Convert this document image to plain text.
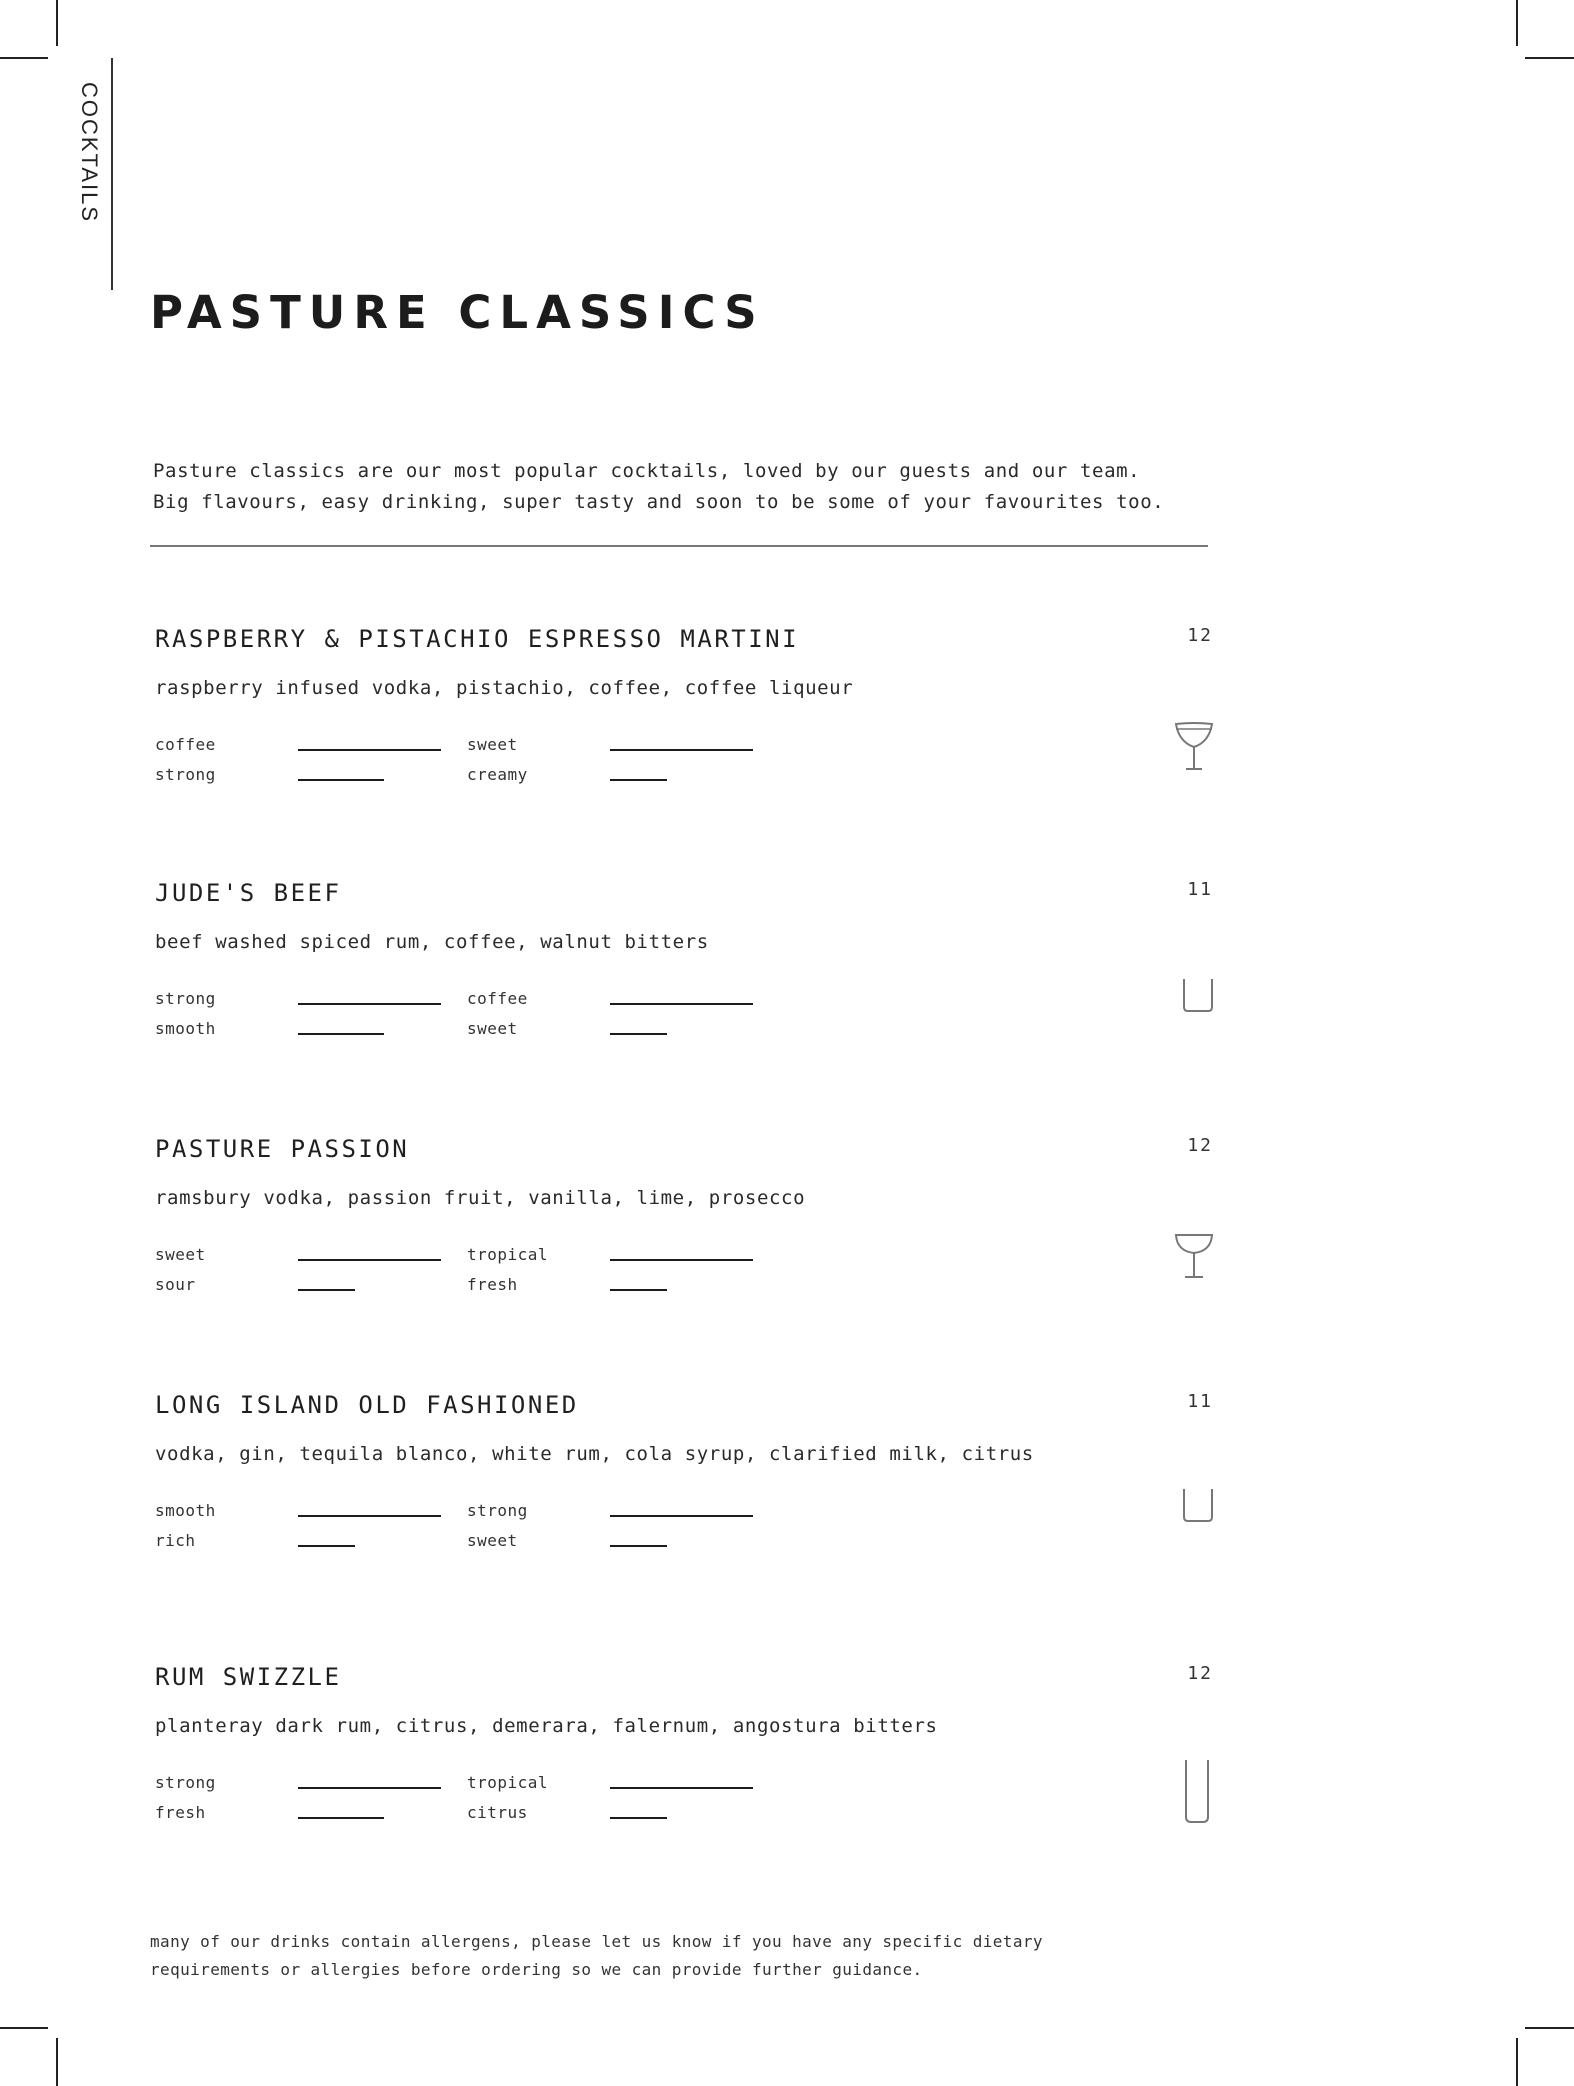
COCKTAILS
PASTURE CLASSICS
Pasture classics are our most popular cocktails, loved by our guests and our team.
Big flavours, easy drinking, super tasty and soon to be some of your favourites too.
RASPBERRY & PISTACHIO ESPRESSO MARTINI	12
raspberry infused vodka, pistachio, coffee, coffee liqueur
coffee	sweet
strong	creamy
JUDE'S BEEF	11
beef washed spiced rum, coffee, walnut bitters
strong	coffee
smooth	sweet
PASTURE PASSION	12
ramsbury vodka, passion fruit, vanilla, lime, prosecco
sweet	tropical
sour	fresh
LONG ISLAND OLD FASHIONED	11
vodka, gin, tequila blanco, white rum, cola syrup, clarified milk, citrus
smooth	strong
rich	sweet
RUM SWIZZLE	12
planteray dark rum, citrus, demerara, falernum, angostura bitters
strong	tropical
fresh	citrus
many of our drinks contain allergens, please let us know if you have any specific dietary
requirements or allergies before ordering so we can provide further guidance.
